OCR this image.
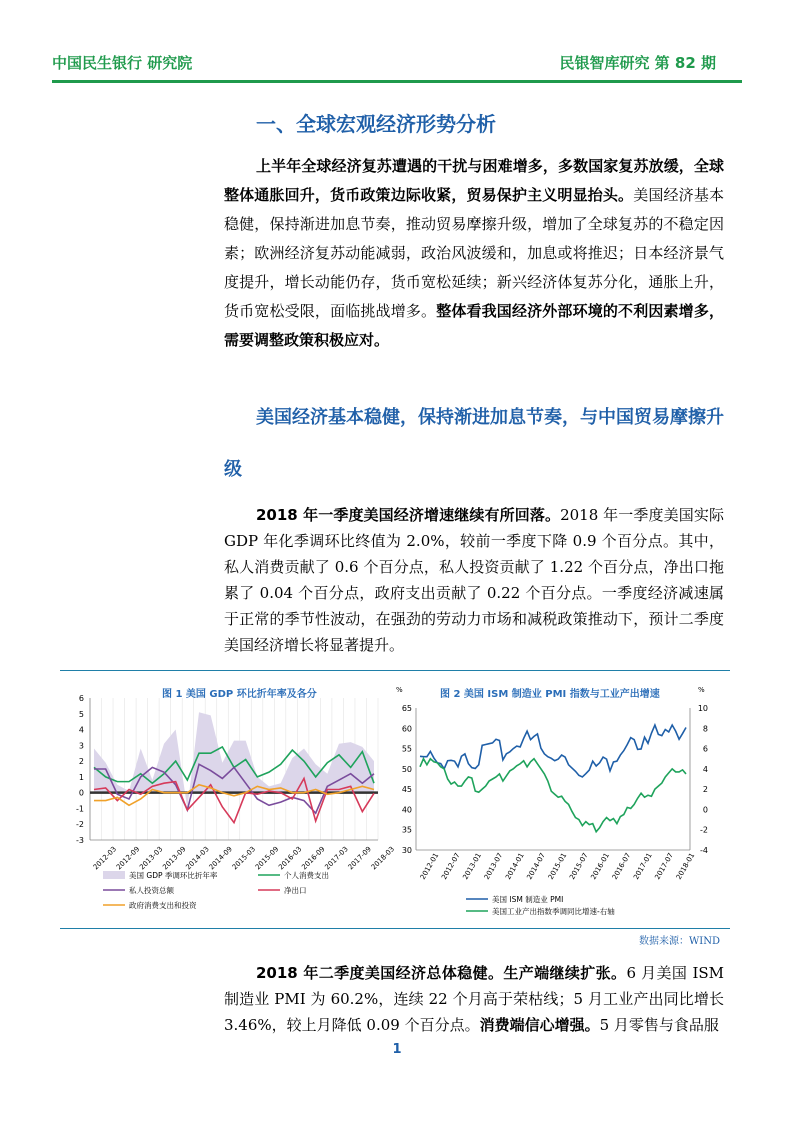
中国民生银行 研究院	民银智库研究 第 82 期
一、全球宏观经济形势分析
上半年全球经济复苏遭遇的干扰与困难增多，多数国家复苏放缓，全球整体通胀回升，货币政策边际收紧，贸易保护主义明显抬头。美国经济基本稳健，保持渐进加息节奏，推动贸易摩擦升级，增加了全球复苏的不稳定因素；欧洲经济复苏动能减弱，政治风波缓和，加息或将推迟；日本经济景气度提升，增长动能仍存，货币宽松延续；新兴经济体复苏分化，通胀上升，货币宽松受限，面临挑战增多。整体看我国经济外部环境的不利因素增多，需要调整政策积极应对。
美国经济基本稳健，保持渐进加息节奏，与中国贸易摩擦升级
2018 年一季度美国经济增速继续有所回落。2018 年一季度美国实际 GDP 年化季调环比终值为 2.0%，较前一季度下降 0.9 个百分点。其中，私人消费贡献了 0.6 个百分点，私人投资贡献了 1.22 个百分点，净出口拖累了 0.04 个百分点，政府支出贡献了 0.22 个百分点。一季度经济减速属于正常的季节性波动，在强劲的劳动力市场和减税政策推动下，预计二季度美国经济增长将显著提升。
图 1 美国 GDP 环比折年率及各分	图 2 美国 ISM 制造业 PMI 指数与工业产出增速
-3
-2
-1
0
1
2
3
4
5
6
2012-03
2012-09
2013-03
2013-09
2014-03
2014-09
2015-03
2015-09
2016-03
2016-09
2017-03
2017-09
2018-03
美国 GDP 季调环比折年率	个人消费支出
私人投资总额	净出口
政府消费支出和投资
%	%
30
35
40
45
50
55
60
65
-4
-2
0
2
4
6
8
10
2012-01 2012-07 2013-01 2013-07 2014-01 2014-07 2015-01 2015-07 2016-01 2016-07 2017-01 2017-07 2018-01
美国 ISM 制造业 PMI
美国工业产出指数季调同比增速-右轴
数据来源：WIND
2018 年二季度美国经济总体稳健。生产端继续扩张。6 月美国 ISM 制造业 PMI 为 60.2%，连续 22 个月高于荣枯线；5 月工业产出同比增长 3.46%，较上月降低 0.09 个百分点。消费端信心增强。5 月零售与食品服
1
